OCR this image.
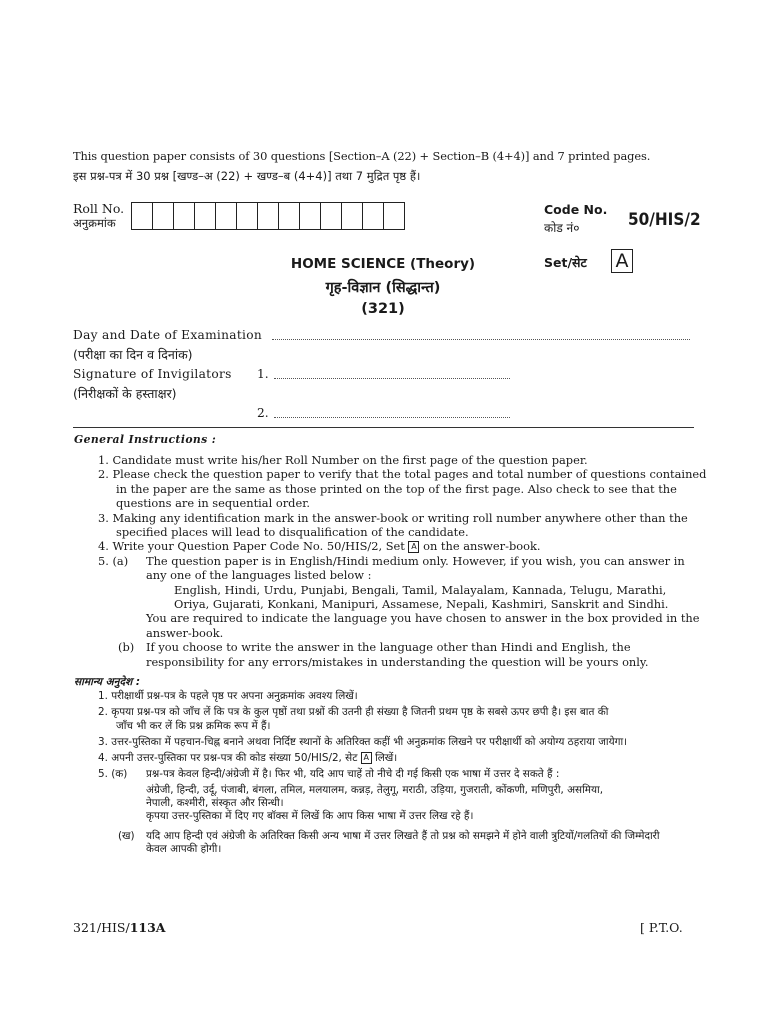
This question paper consists of 30 questions [Section–A (22) + Section–B (4+4)] and 7 printed pages.
इस प्रश्न-पत्र में 30 प्रश्न [खण्ड–अ (22) + खण्ड–ब (4+4)] तथा 7 मुद्रित पृष्ठ हैं।
Roll No.
अनुक्रमांक
Code No.
कोड नं०	50/HIS/2
HOME SCIENCE (Theory)
गृह-विज्ञान (सिद्धान्त)
(321)
Set/सेट A
Day and Date of Examination
(परीक्षा का दिन व दिनांक)
Signature of Invigilators 1.
(निरीक्षकों के हस्ताक्षर)
2.
General Instructions :

1. Candidate must write his/her Roll Number on the first page of the question paper.

2. Please check the question paper to verify that the total pages and total number of questions contained

in the paper are the same as those printed on the top of the first page. Also check to see that the

questions are in sequential order.

3. Making any identification mark in the answer-book or writing roll number anywhere other than the

specified places will lead to disqualification of the candidate.

4. Write your Question Paper Code No. 50/HIS/2, Set A on the answer-book.

5. (a) The question paper is in English/Hindi medium only. However, if you wish, you can answer in

any one of the languages listed below :

English, Hindi, Urdu, Punjabi, Bengali, Tamil, Malayalam, Kannada, Telugu, Marathi,

Oriya, Gujarati, Konkani, Manipuri, Assamese, Nepali, Kashmiri, Sanskrit and Sindhi.

You are required to indicate the language you have chosen to answer in the box provided in the

answer-book.

(b) If you choose to write the answer in the language other than Hindi and English, the

responsibility for any errors/mistakes in understanding the question will be yours only.

सामान्य अनुदेश :

1. परीक्षार्थी प्रश्न-पत्र के पहले पृष्ठ पर अपना अनुक्रमांक अवश्य लिखें।

2. कृपया प्रश्न-पत्र को जाँच लें कि पत्र के कुल पृष्ठों तथा प्रश्नों की उतनी ही संख्या है जितनी प्रथम पृष्ठ के सबसे ऊपर छपी है। इस बात की

जाँच भी कर लें कि प्रश्न क्रमिक रूप में हैं।

3. उत्तर-पुस्तिका में पहचान-चिह्न बनाने अथवा निर्दिष्ट स्थानों के अतिरिक्त कहीं भी अनुक्रमांक लिखने पर परीक्षार्थी को अयोग्य ठहराया जायेगा।

4. अपनी उत्तर-पुस्तिका पर प्रश्न-पत्र की कोड संख्या 50/HIS/2, सेट A लिखें।

5. (क) प्रश्न-पत्र केवल हिन्दी/अंग्रेजी में है। फिर भी, यदि आप चाहें तो नीचे दी गई किसी एक भाषा में उत्तर दे सकते हैं :

अंग्रेजी, हिन्दी, उर्दू, पंजाबी, बंगला, तमिल, मलयालम, कन्नड़, तेलुगू, मराठी, उड़िया, गुजराती, कोंकणी, मणिपुरी, असमिया,

नेपाली, कश्मीरी, संस्कृत और सिन्धी।

कृपया उत्तर-पुस्तिका में दिए गए बॉक्स में लिखें कि आप किस भाषा में उत्तर लिख रहे हैं।

(ख) यदि आप हिन्दी एवं अंग्रेजी के अतिरिक्त किसी अन्य भाषा में उत्तर लिखते हैं तो प्रश्न को समझने में होने वाली त्रुटियों/गलतियों की जिम्मेदारी

केवल आपकी होगी।

321/HIS/113A	[ P.T.O.
